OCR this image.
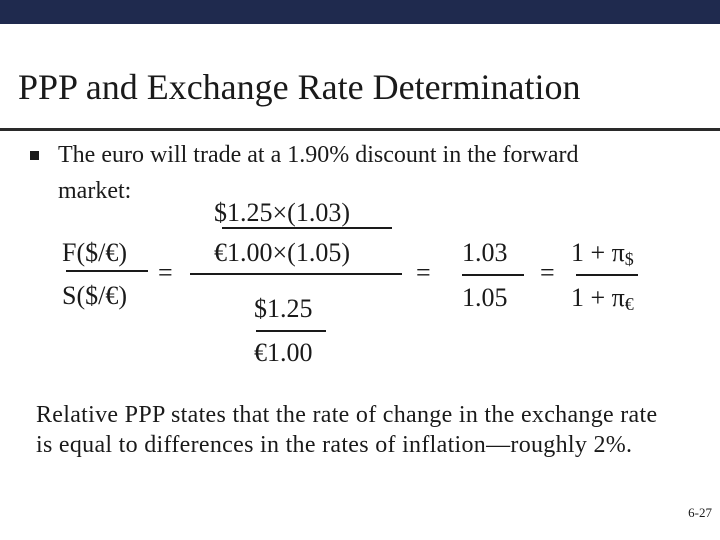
PPP and Exchange Rate Determination
The euro will trade at a 1.90% discount in the forward
market:
F($/€)
S($/€)
=
$1.25×(1.03)
€1.00×(1.05)
$1.25
€1.00
=
1.03
1.05
=
$1 + \pi_{\$}$
$1 + \pi_€$
Relative PPP states that the rate of change in the exchange rate is equal to differences in the rates of inflation—roughly 2%.
6-27
